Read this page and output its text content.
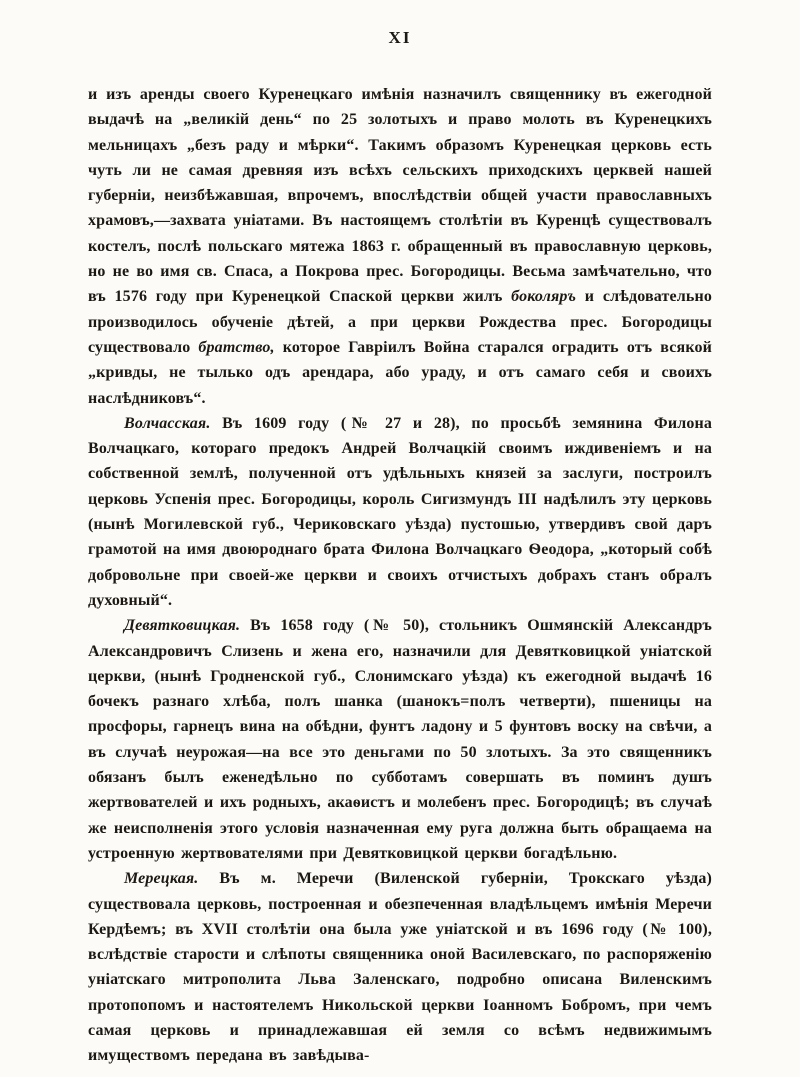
XI

и изъ аренды своего Куренецкаго имѣнія назначилъ священнику въ ежегодной выдачѣ на „великій день“ по 25 золотыхъ и право молоть въ Куренецкихъ мельницахъ „безъ раду и мѣрки“. Такимъ образомъ Куренецкая церковь есть чуть ли не самая древняя изъ всѣхъ сельскихъ приходскихъ церквей нашей губерніи, неизбѣжавшая, впрочемъ, впослѣдствіи общей участи православныхъ храмовъ,—захвата уніатами. Въ настоящемъ столѣтіи въ Куренцѣ существовалъ костелъ, послѣ польскаго мятежа 1863 г. обращенный въ православную церковь, но не во имя св. Спаса, а Покрова прес. Богородицы. Весьма замѣчательно, что въ 1576 году при Куренецкой Спаской церкви жилъ боколяръ и слѣдовательно производилось обученіе дѣтей, а при церкви Рождества прес. Богородицы существовало братство, которое Гавріилъ Война старался оградить отъ всякой „кривды, не тылько одъ арендара, або ураду, и отъ самаго себя и своихъ наслѣдниковъ“.

Волчасская. Въ 1609 году (№ 27 и 28), по просьбѣ земянина Филона Волчацкаго, котораго предокъ Андрей Волчацкій своимъ иждивеніемъ и на собственной землѣ, полученной отъ удѣльныхъ князей за заслуги, построилъ церковь Успенія прес. Богородицы, король Сигизмундъ III надѣлилъ эту церковь (нынѣ Могилевской губ., Чериковскаго уѣзда) пустошью, утвердивъ свой даръ грамотой на имя двоюроднаго брата Филона Волчацкаго Ѳеодора, „который собѣ добровольне при своей-же церкви и своихъ отчистыхъ добрахъ станъ обралъ духовный“.

Девятковицкая. Въ 1658 году (№ 50), стольникъ Ошмянскій Александръ Александровичъ Слизень и жена его, назначили для Девятковицкой уніатской церкви, (нынѣ Гродненской губ., Слонимскаго уѣзда) къ ежегодной выдачѣ 16 бочекъ разнаго хлѣба, полъ шанка (шанокъ=полъ четверти), пшеницы на просфоры, гарнецъ вина на обѣдни, фунтъ ладону и 5 фунтовъ воску на свѣчи, а въ случаѣ неурожая—на все это деньгами по 50 злотыхъ. За это священникъ обязанъ былъ еженедѣльно по субботамъ совершать въ поминъ душъ жертвователей и ихъ родныхъ, акаѳистъ и молебенъ прес. Богородицѣ; въ случаѣ же неисполненія этого условія назначенная ему руга должна быть обращаема на устроенную жертвователями при Девятковицкой церкви богадѣльню.

Мерецкая. Въ м. Меречи (Виленской губерніи, Трокскаго уѣзда) существовала церковь, построенная и обезпеченная владѣльцемъ имѣнія Меречи Кердѣемъ; въ XVII столѣтіи она была уже уніатской и въ 1696 году (№ 100), вслѣдствіе старости и слѣпоты священника оной Василевскаго, по распоряженію уніатскаго митрополита Льва Заленскаго, подробно описана Виленскимъ протопопомъ и настоятелемъ Никольской церкви Іоанномъ Бобромъ, при чемъ самая церковь и принадлежавшая ей земля со всѣмъ недвижимымъ имуществомъ передана въ завѣдыва-
